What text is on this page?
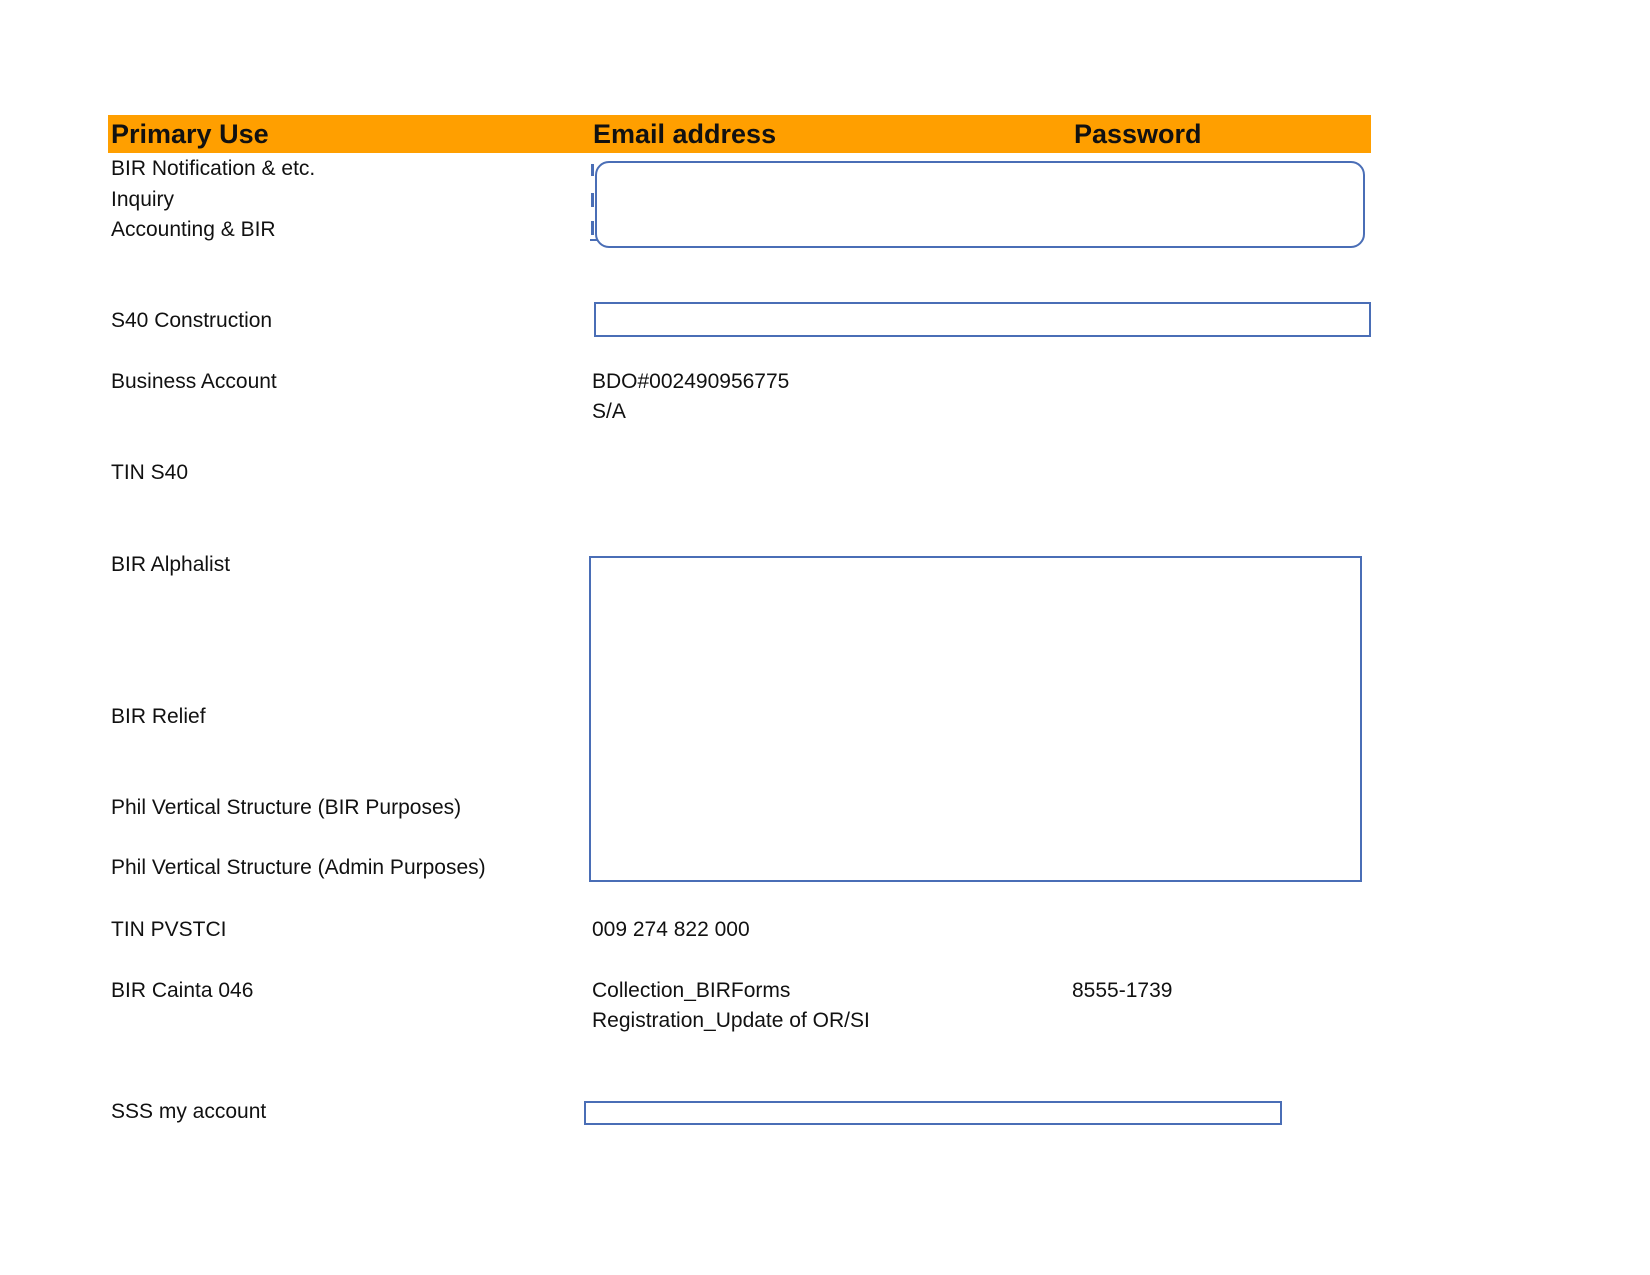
Primary Use	Email address	Password
BIR Notification & etc.
Inquiry
Accounting & BIR
S40 Construction
Business Account
TIN S40
BIR Alphalist
BIR Relief
Phil Vertical Structure (BIR Purposes)
Phil Vertical Structure (Admin Purposes)
TIN PVSTCI
BIR Cainta 046
SSS my account
BDO#002490956775
S/A
009 274 822 000
Collection_BIRForms
Registration_Update of OR/SI
8555-1739
